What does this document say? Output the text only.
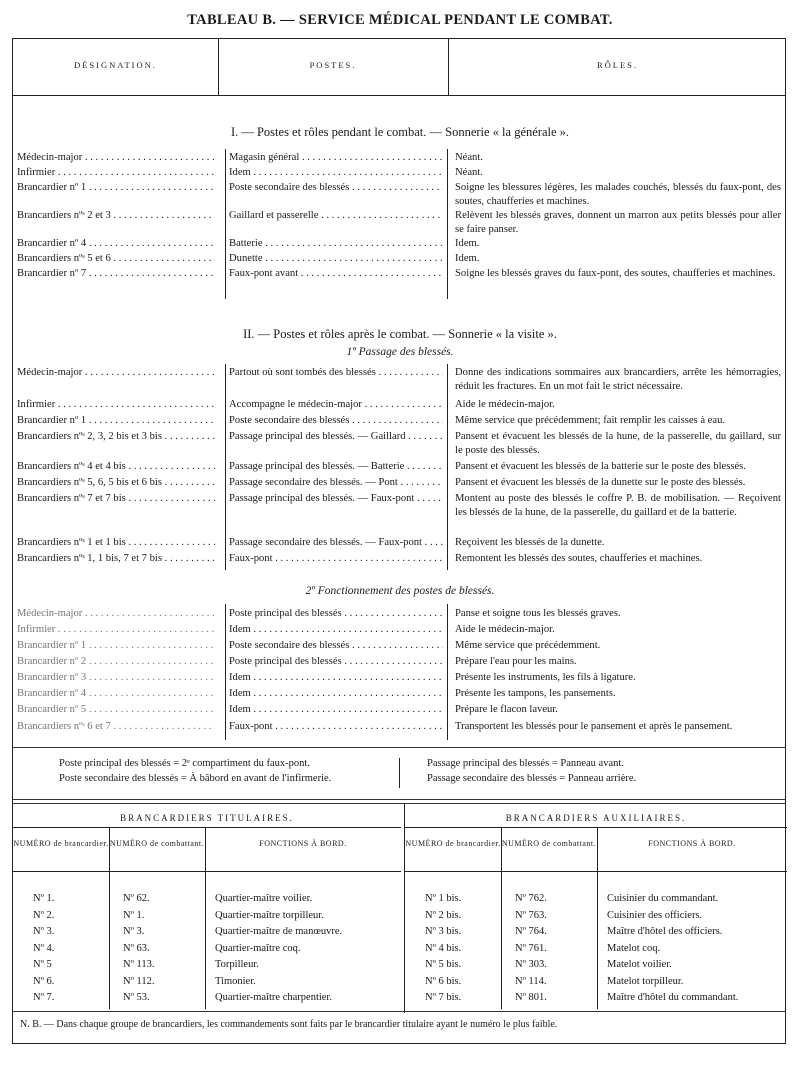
TABLEAU B. — SERVICE MÉDICAL PENDANT LE COMBAT.
DÉSIGNATION.	POSTES.	RÔLES.
I. — Postes et rôles pendant le combat. — Sonnerie « la générale ».
Médecin-major . . .	Magasin général . . .	Néant.
Infirmier . . .	Idem . . .	Néant.
Brancardier nº 1 . . .	Poste secondaire des blessés . . .	Soigne les blessures légères, les malades couchés, blessés du faux-pont, des soutes, chaufferies et machines.
Brancardiers nºˢ 2 et 3 . . .	Gaillard et passerelle . . .	Relèvent les blessés graves, donnent un marron aux petits blessés pour aller se faire panser.
Brancardier nº 4 . . .	Batterie . . .	Idem.
Brancardiers nºˢ 5 et 6 . . .	Dunette . . .	Idem.
Brancardier nº 7 . . .	Faux-pont avant . . .	Soigne les blessés graves du faux-pont, des soutes, chaufferies et machines.
II. — Postes et rôles après le combat. — Sonnerie « la visite ».
1º Passage des blessés.
Médecin-major . . .	Partout où sont tombés des blessés . . .	Donne des indications sommaires aux brancardiers, arrête les hémorragies, réduit les fractures. En un mot fait le strict nécessaire.
Infirmier . . .	Accompagne le médecin-major . . .	Aide le médecin-major.
Brancardier nº 1 . . .	Poste secondaire des blessés . . .	Même service que précédemment; fait remplir les caisses à eau.
Brancardiers nºˢ 2, 3, 2 bis et 3 bis . . .	Passage principal des blessés. — Gaillard . . .	Pansent et évacuent les blessés de la hune, de la passerelle, du gaillard, sur le poste des blessés.
Brancardiers nºˢ 4 et 4 bis . . .	Passage principal des blessés. — Batterie . . .	Pansent et évacuent les blessés de la batterie sur le poste des blessés.
Brancardiers nºˢ 5, 6, 5 bis et 6 bis . . .	Passage secondaire des blessés. — Pont . . .	Pansent et évacuent les blessés de la dunette sur le poste des blessés.
Brancardiers nºˢ 7 et 7 bis . . .	Passage principal des blessés. — Faux-pont . . .	Montent au poste des blessés le coffre P. B. de mobilisation. — Reçoivent les blessés de la hune, de la passerelle, du gaillard et de la batterie.
Brancardiers nºˢ 1 et 1 bis . . .	Passage secondaire des blessés. — Faux-pont . . .	Reçoivent les blessés de la dunette.
Brancardiers nºˢ 1, 1 bis, 7 et 7 bis . . .	Faux-pont . . .	Remontent les blessés des soutes, chaufferies et machines.
2º Fonctionnement des postes de blessés.
Médecin-major . . .	Poste principal des blessés . . .	Panse et soigne tous les blessés graves.
Infirmier . . .	Idem . . .	Aide le médecin-major.
Brancardier nº 1 . . .	Poste secondaire des blessés . . .	Même service que précédemment.
Brancardier nº 2 . . .	Poste principal des blessés . . .	Prépare l'eau pour les mains.
Brancardier nº 3 . . .	Idem . . .	Présente les instruments, les fils à ligature.
Brancardier nº 4 . . .	Idem . . .	Présente les tampons, les pansements.
Brancardier nº 5 . . .	Idem . . .	Prépare le flacon laveur.
Brancardiers nºˢ 6 et 7 . . .	Faux-pont . . .	Transportent les blessés pour le pansement et après le pansement.
Poste principal des blessés = 2ᵉ compartiment du faux-pont.
Poste secondaire des blessés = À bâbord en avant de l'infirmerie.
Passage principal des blessés = Panneau avant.
Passage secondaire des blessés = Panneau arrière.
BRANCARDIERS TITULAIRES.
NUMÉRO de brancardier. NUMÉRO de combattant.	FONCTIONS À BORD.
Nº 1.	Nº 62.	Quartier-maître voilier.
Nº 2.	Nº 1.	Quartier-maître torpilleur.
Nº 3.	Nº 3.	Quartier-maître de manœuvre.
Nº 4.	Nº 63.	Quartier-maître coq.
Nº 5	Nº 113.	Torpilleur.
Nº 6.	Nº 112.	Timonier.
Nº 7.	Nº 53.	Quartier-maître charpentier.
BRANCARDIERS AUXILIAIRES.
NUMÉRO de brancardier. NUMÉRO de combattant.	FONCTIONS À BORD.
Nº 1 bis.	Nº 762.	Cuisinier du commandant.
Nº 2 bis.	Nº 763.	Cuisinier des officiers.
Nº 3 bis.	Nº 764.	Maître d'hôtel des officiers.
Nº 4 bis.	Nº 761.	Matelot coq.
Nº 5 bis.	Nº 303.	Matelot voilier.
Nº 6 bis.	Nº 114.	Matelot torpilleur.
Nº 7 bis.	Nº 801.	Maître d'hôtel du commandant.
N. B. — Dans chaque groupe de brancardiers, les commandements sont faits par le brancardier titulaire ayant le numéro le plus faible.
